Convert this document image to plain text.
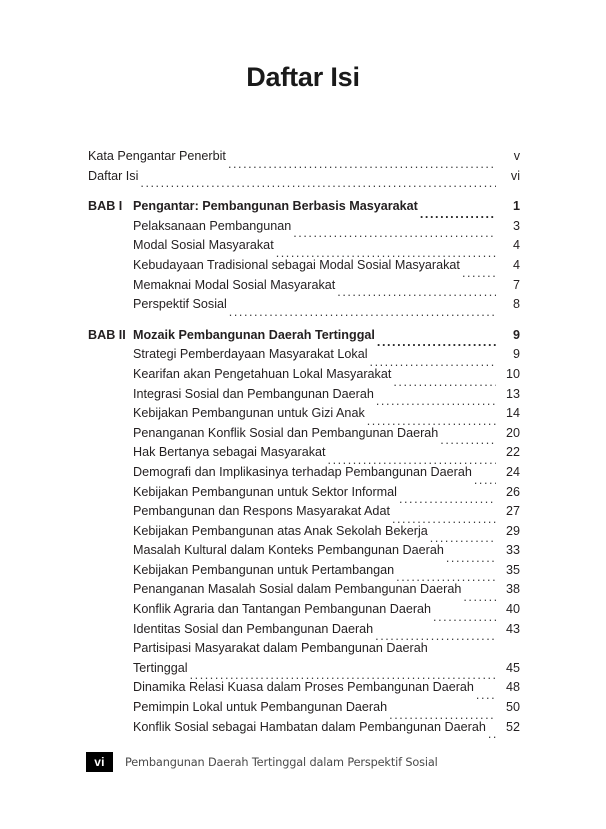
Daftar Isi
Kata Pengantar Penerbit .....	v
Daftar Isi .....	vi
BAB I Pengantar: Pembangunan Berbasis Masyarakat .....	1
Pelaksanaan Pembangunan .....	3
Modal Sosial Masyarakat .....	4
Kebudayaan Tradisional sebagai Modal Sosial Masyarakat .....	4
Memaknai Modal Sosial Masyarakat .....	7
Perspektif Sosial .....	8
BAB II Mozaik Pembangunan Daerah Tertinggal .....	9
Strategi Pemberdayaan Masyarakat Lokal .....	9
Kearifan akan Pengetahuan Lokal Masyarakat .....	10
Integrasi Sosial dan Pembangunan Daerah .....	13
Kebijakan Pembangunan untuk Gizi Anak .....	14
Penanganan Konflik Sosial dan Pembangunan Daerah .....	20
Hak Bertanya sebagai Masyarakat .....	22
Demografi dan Implikasinya terhadap Pembangunan Daerah .....	24
Kebijakan Pembangunan untuk Sektor Informal .....	26
Pembangunan dan Respons Masyarakat Adat .....	27
Kebijakan Pembangunan atas Anak Sekolah Bekerja .....	29
Masalah Kultural dalam Konteks Pembangunan Daerah .....	33
Kebijakan Pembangunan untuk Pertambangan .....	35
Penanganan Masalah Sosial dalam Pembangunan Daerah .....	38
Konflik Agraria dan Tantangan Pembangunan Daerah .....	40
Identitas Sosial dan Pembangunan Daerah .....	43
Partisipasi Masyarakat dalam Pembangunan Daerah
Tertinggal .....	45
Dinamika Relasi Kuasa dalam Proses Pembangunan Daerah .....	48
Pemimpin Lokal untuk Pembangunan Daerah .....	50
Konflik Sosial sebagai Hambatan dalam Pembangunan Daerah .....	52
vi	Pembangunan Daerah Tertinggal dalam Perspektif Sosial
